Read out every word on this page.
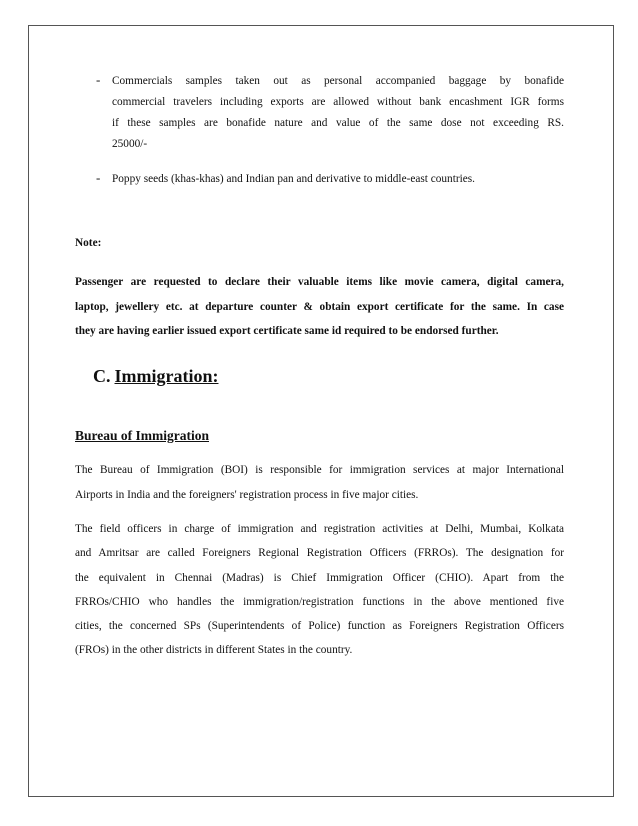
- Commercials samples taken out as personal accompanied baggage by bonafide
commercial travelers including exports are allowed without bank encashment IGR forms
if these samples are bonafide nature and value of the same dose not exceeding RS.
25000/-
- Poppy seeds (khas-khas) and Indian pan and derivative to middle-east countries.
Note:
Passenger are requested to declare their valuable items like movie camera, digital camera,
laptop, jewellery etc. at departure counter & obtain export certificate for the same. In case
they are having earlier issued export certificate same id required to be endorsed further.
C. Immigration:
Bureau of Immigration
The Bureau of Immigration (BOI) is responsible for immigration services at major International
Airports in India and the foreigners' registration process in five major cities.
The field officers in charge of immigration and registration activities at Delhi, Mumbai, Kolkata
and Amritsar are called Foreigners Regional Registration Officers (FRROs). The designation for
the equivalent in Chennai (Madras) is Chief Immigration Officer (CHIO). Apart from the
FRROs/CHIO who handles the immigration/registration functions in the above mentioned five
cities, the concerned SPs (Superintendents of Police) function as Foreigners Registration Officers
(FROs) in the other districts in different States in the country.
